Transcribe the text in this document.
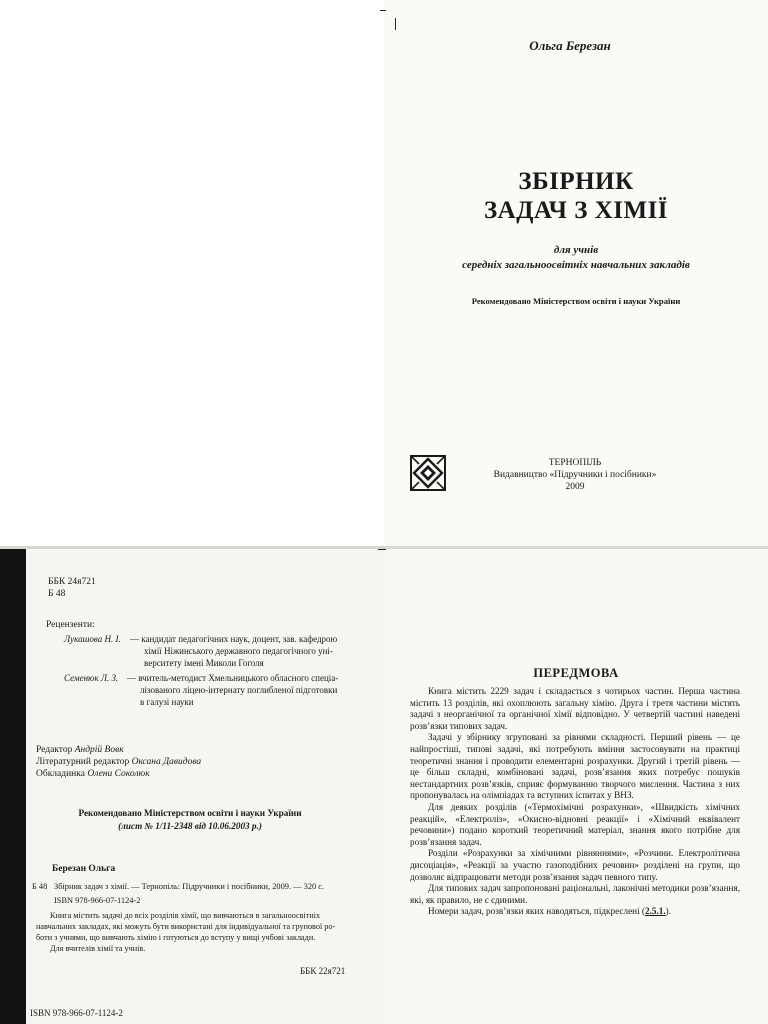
Ольга Березан
ЗБІРНИК
ЗАДАЧ З ХІМІЇ
для учнів
середніх загальноосвітніх навчальних закладів
Рекомендовано Міністерством освіти і науки України
ТЕРНОПІЛЬ
Видавництво «Підручники і посібники»
2009
ББК 24я721
Б 48
Рецензенти:
Лукашова Н. І. — кандидат педагогічних наук, доцент, зав. кафедрою
хімії Ніжинського державного педагогічного уні-
верситету імені Миколи Гоголя
Семенюк Л. З. — вчитель-методист Хмельницького обласного спеціа-
лізованого ліцею-інтернату поглибленої підготовки
в галузі науки
Редактор Андрій Вовк
Літературний редактор Оксана Давидова
Обкладинка Олени Соколюк
Рекомендовано Міністерством освіти і науки України
(лист № 1/11-2348 від 10.06.2003 р.)
Березан Ольга
Б 48 Збірник задач з хімії. — Тернопіль: Підручники і посібники, 2009. — 320 с.
ISBN 978-966-07-1124-2
Книга містить задачі до всіх розділів хімії, що вивчаються в загальноосвітніх
навчальних закладах, які можуть бути використані для індивідуальної та групової ро-
боти з учнями, що вивчають хімію і готуються до вступу у вищі учбові заклади.
Для вчителів хімії та учнів.
ББК 22я721
ISBN 978-966-07-1124-2
ПЕРЕДМОВА

Книга містить 2229 задач і складається з чотирьох частин. Перша частина містить 13 розділів, які охоплюють загальну хімію. Друга і третя частини містять задачі з неорганічної та органічної хімії відповідно. У четвертій частині наведені розв’язки типових задач.

Задачі у збірнику згруповані за рівнями складності. Перший рівень — це найпростіші, типові задачі, які потребують вміння застосовувати на практиці теоретичні знання і проводити елементарні розрахунки. Другий і третій рівень — це більш складні, комбіновані задачі, розв’язання яких потребує пошуків нестандартних розв’язків, сприяє формуванню творчого мислення. Частина з них пропонувалась на олімпіадах та вступних іспитах у ВНЗ.

Для деяких розділів («Термохімічні розрахунки», «Швидкість хімічних реакцій», «Електроліз», «Окисно-відновні реакції» і «Хімічний еквівалент речовини») подано короткий теоретичний матеріал, знання якого потрібне для розв’язання задач.

Розділи «Розрахунки за хімічними рівняннями», «Розчини. Електролітична дисоціація», «Реакції за участю газоподібних речовин» розділені на групи, що дозволяє відпрацювати методи розв’язання задач певного типу.

Для типових задач запропоновані раціональні, лаконічні методики розв’язання, які, як правило, не є єдиними.

Номери задач, розв’язки яких наводяться, підкреслені (2.5.1.).
